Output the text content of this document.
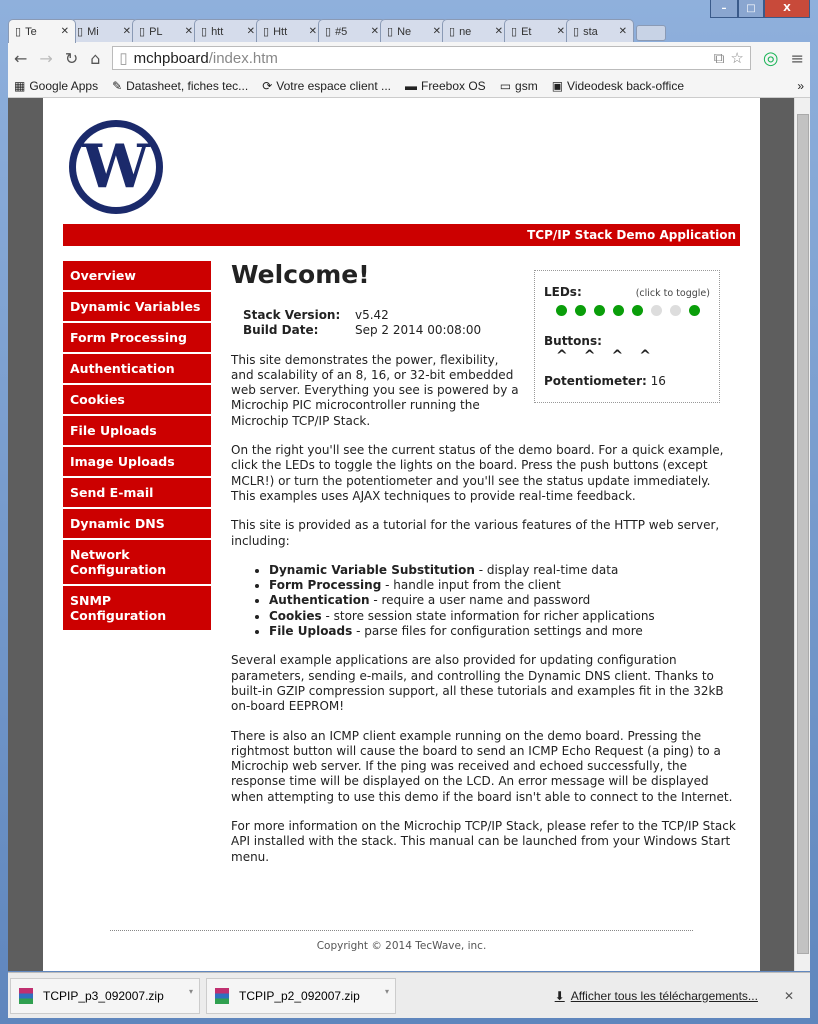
–	□	X
▯ Te	✕ ▯ Mi	✕ ▯ PL	✕ ▯ htt	✕ ▯ Htt	✕ ▯ #5	✕ ▯ Ne	✕ ▯ ne	✕ ▯ Et	✕ ▯ sta	✕
← → ↻ ⌂ ▯ mchpboard/index.htm	⧉ ☆ ◎ ≡
▦ Google Apps ✎ Datasheet, fiches tec... ⟳ Votre espace client ... ▬ Freebox OS ▭ gsm ▣ Videodesk back-office	»
W
TCP/IP Stack Demo Application
Overview
Dynamic Variables
Form Processing
Authentication
Cookies
File Uploads
Image Uploads
Send E-mail
Dynamic DNS
Network Configuration
SNMP Configuration
Welcome!
Stack Version:	v5.42
Build Date:	Sep 2 2014 00:08:00

This site demonstrates the power, flexibility, and scalability of an 8, 16, or 32-bit embedded web server. Everything you see is powered by a Microchip PIC microcontroller running the Microchip TCP/IP Stack.

On the right you'll see the current status of the demo board. For a quick example, click the LEDs to toggle the lights on the board. Press the push buttons (except MCLR!) or turn the potentiometer and you'll see the status update immediately. This examples uses AJAX techniques to provide real-time feedback.

This site is provided as a tutorial for the various features of the HTTP web server, including:

• Dynamic Variable Substitution - display real-time data
• Form Processing - handle input from the client
• Authentication - require a user name and password
• Cookies - store session state information for richer applications
• File Uploads - parse files for configuration settings and more

Several example applications are also provided for updating configuration parameters, sending e-mails, and controlling the Dynamic DNS client. Thanks to built-in GZIP compression support, all these tutorials and examples fit in the 32kB on-board EEPROM!

There is also an ICMP client example running on the demo board. Pressing the rightmost button will cause the board to send an ICMP Echo Request (a ping) to a Microchip web server. If the ping was received and echoed successfully, the response time will be displayed on the LCD. An error message will be displayed when attempting to use this demo if the board isn't able to connect to the Internet.

For more information on the Microchip TCP/IP Stack, please refer to the TCP/IP Stack API installed with the stack. This manual can be launched from your Windows Start menu.

LEDs:	(click to toggle)
Buttons:
^ ^ ^ ^
Potentiometer: 16
Copyright © 2014 TecWave, inc.
TCPIP_p3_092007.zip	▾	TCPIP_p2_092007.zip	▾	⬇ Afficher tous les téléchargements... ✕
